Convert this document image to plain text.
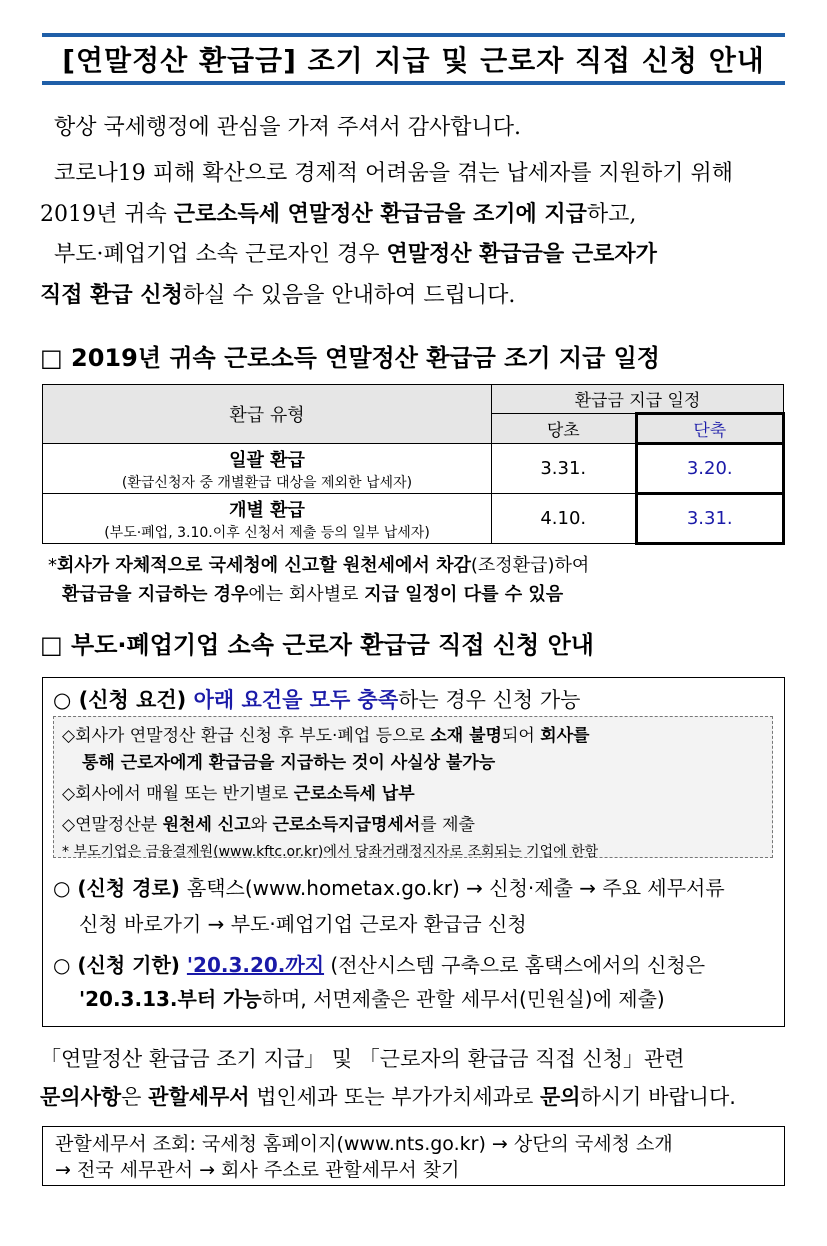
[연말정산 환급금] 조기 지급 및 근로자 직접 신청 안내
항상 국세행정에 관심을 가져 주셔서 감사합니다.
코로나19 피해 확산으로 경제적 어려움을 겪는 납세자를 지원하기 위해
2019년 귀속 근로소득세 연말정산 환급금을 조기에 지급하고,
부도·폐업기업 소속 근로자인 경우 연말정산 환급금을 근로자가
직접 환급 신청하실 수 있음을 안내하여 드립니다.
□ 2019년 귀속 근로소득 연말정산 환급금 조기 지급 일정
환급 유형	환급금 지급 일정	
	당초	단축

일괄 환급
(환급신청자 중 개별환급 대상을 제외한 납세자)	3.31.	3.20.

개별 환급
(부도·폐업, 3.10.이후 신청서 제출 등의 일부 납세자)	4.10.	3.31.
*회사가 자체적으로 국세청에 신고할 원천세에서 차감(조정환급)하여
환급금을 지급하는 경우에는 회사별로 지급 일정이 다를 수 있음
□ 부도·폐업기업 소속 근로자 환급금 직접 신청 안내
○ (신청 요건) 아래 요건을 모두 충족하는 경우 신청 가능
◇회사가 연말정산 환급 신청 후 부도·폐업 등으로 소재 불명되어 회사를
통해 근로자에게 환급금을 지급하는 것이 사실상 불가능
◇회사에서 매월 또는 반기별로 근로소득세 납부
◇연말정산분 원천세 신고와 근로소득지급명세서를 제출
* 부도기업은 금융결제원(www.kftc.or.kr)에서 당좌거래정지자로 조회되는 기업에 한함
○ (신청 경로) 홈택스(www.hometax.go.kr) → 신청·제출 → 주요 세무서류
신청 바로가기 → 부도·폐업기업 근로자 환급금 신청
○ (신청 기한) '20.3.20.까지 (전산시스템 구축으로 홈택스에서의 신청은
'20.3.13.부터 가능하며, 서면제출은 관할 세무서(민원실)에 제출)
「연말정산 환급금 조기 지급」 및 「근로자의 환급금 직접 신청」관련
문의사항은 관할세무서 법인세과 또는 부가가치세과로 문의하시기 바랍니다.
관할세무서 조회: 국세청 홈페이지(www.nts.go.kr) → 상단의 국세청 소개
→ 전국 세무관서 → 회사 주소로 관할세무서 찾기
